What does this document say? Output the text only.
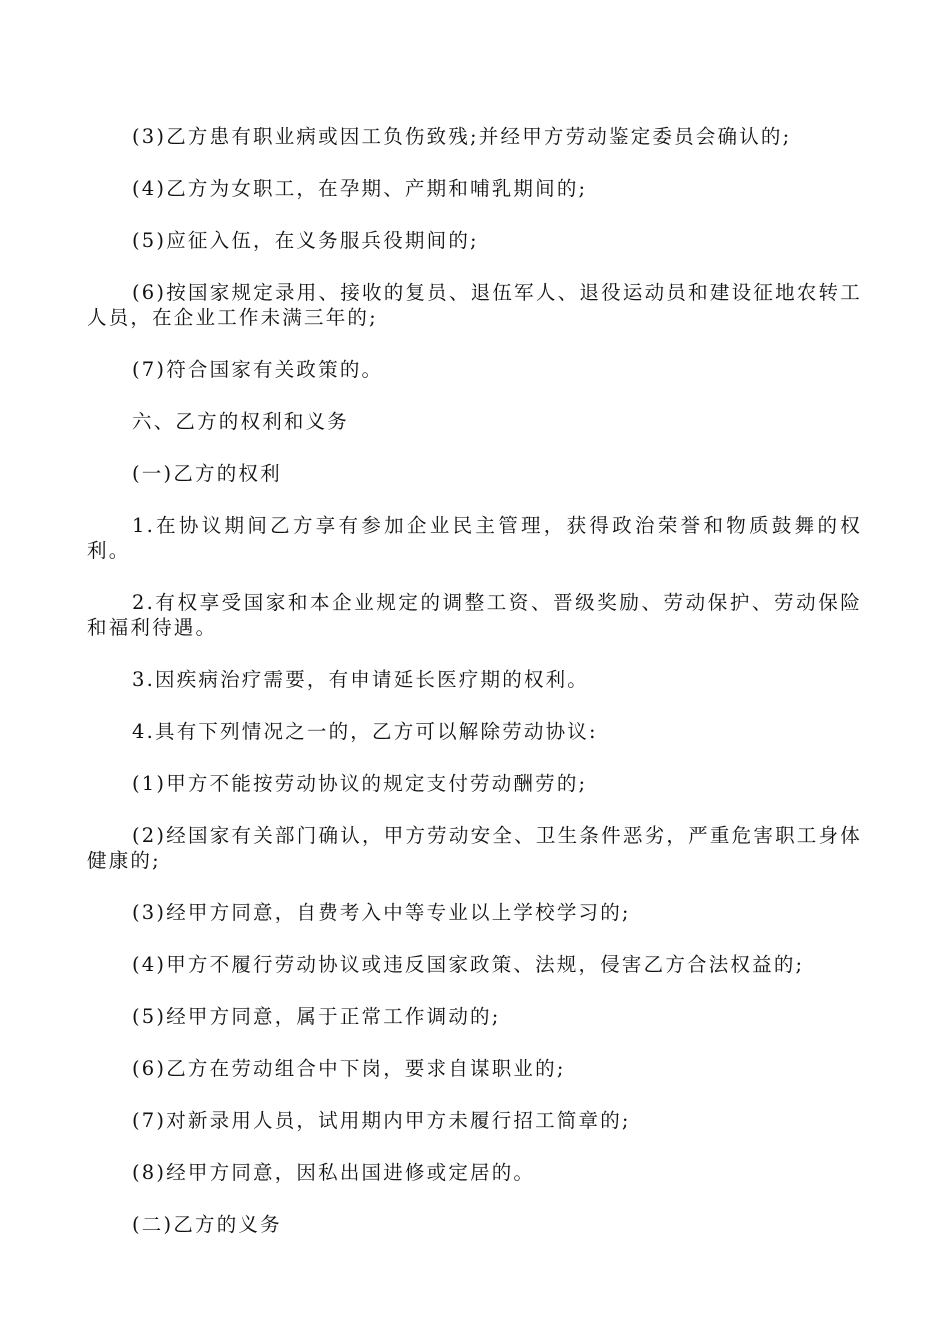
(3)乙方患有职业病或因工负伤致残;并经甲方劳动鉴定委员会确认的;

(4)乙方为女职工，在孕期、产期和哺乳期间的;

(5)应征入伍，在义务服兵役期间的;

(6)按国家规定录用、接收的复员、退伍军人、退役运动员和建设征地农转工人员，在企业工作未满三年的;

(7)符合国家有关政策的。

六、乙方的权利和义务

(一)乙方的权利

1.在协议期间乙方享有参加企业民主管理，获得政治荣誉和物质鼓舞的权利。

2.有权享受国家和本企业规定的调整工资、晋级奖励、劳动保护、劳动保险和福利待遇。

3.因疾病治疗需要，有申请延长医疗期的权利。

4.具有下列情况之一的，乙方可以解除劳动协议:

(1)甲方不能按劳动协议的规定支付劳动酬劳的;

(2)经国家有关部门确认，甲方劳动安全、卫生条件恶劣，严重危害职工身体健康的;

(3)经甲方同意，自费考入中等专业以上学校学习的;

(4)甲方不履行劳动协议或违反国家政策、法规，侵害乙方合法权益的;

(5)经甲方同意，属于正常工作调动的;

(6)乙方在劳动组合中下岗，要求自谋职业的;

(7)对新录用人员，试用期内甲方未履行招工简章的;

(8)经甲方同意，因私出国进修或定居的。

(二)乙方的义务
